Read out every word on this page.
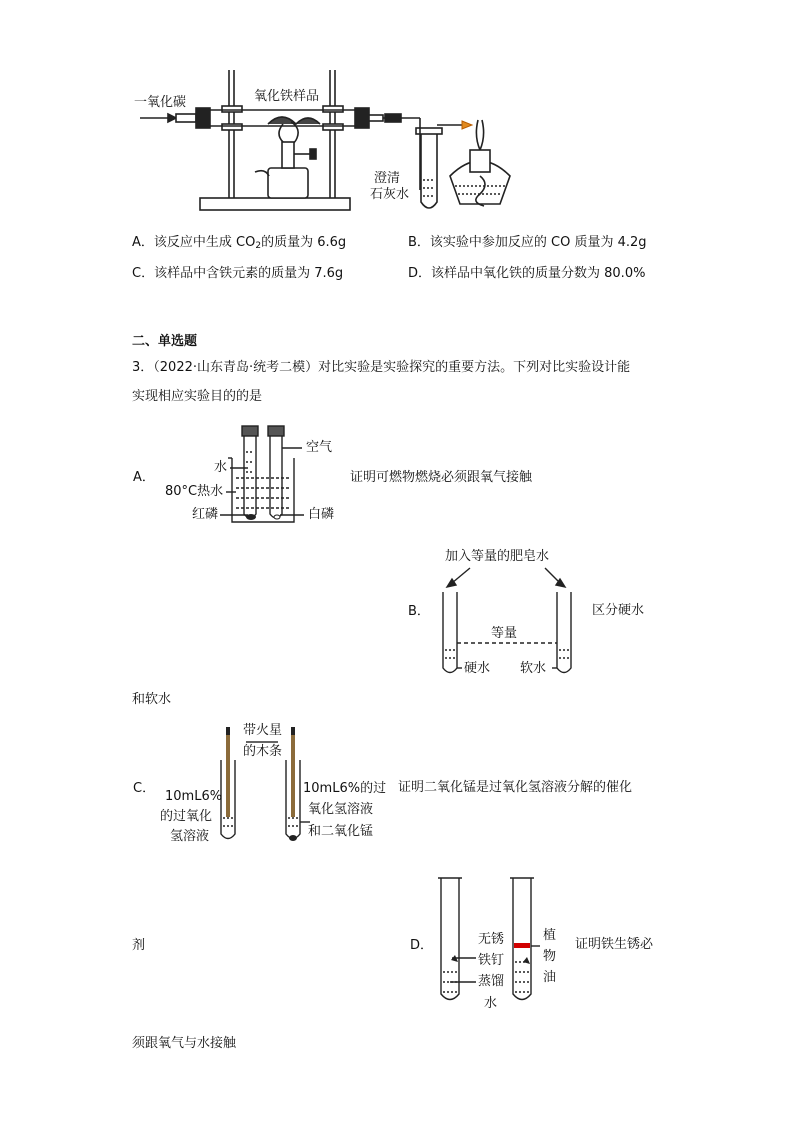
一氧化碳	氧化铁样品
澄清
石灰水
A．该反应中生成 $CO_2$的质量为 6.6g	B．该实验中参加反应的 CO 质量为 4.2g
C．该样品中含铁元素的质量为 7.6g	D．该样品中氧化铁的质量分数为 80.0%
二、单选题
3．（2022·山东青岛·统考二模）对比实验是实验探究的重要方法。下列对比实验设计能
实现相应实验目的的是
A．
空气
水
80°C热水
红磷	白磷
证明可燃物燃烧必须跟氧气接触
加入等量的肥皂水
等量
硬水 软水
B．	区分硬水
和软水
C．
带火星
的木条
10mL6%
的过氧化
氢溶液
10mL6%的过
氧化氢溶液
和二氧化锰
证明二氧化锰是过氧化氢溶液分解的催化
剂	D．	无锈
铁钉
蒸馏
水
植
物
油
证明铁生锈必
须跟氧气与水接触
